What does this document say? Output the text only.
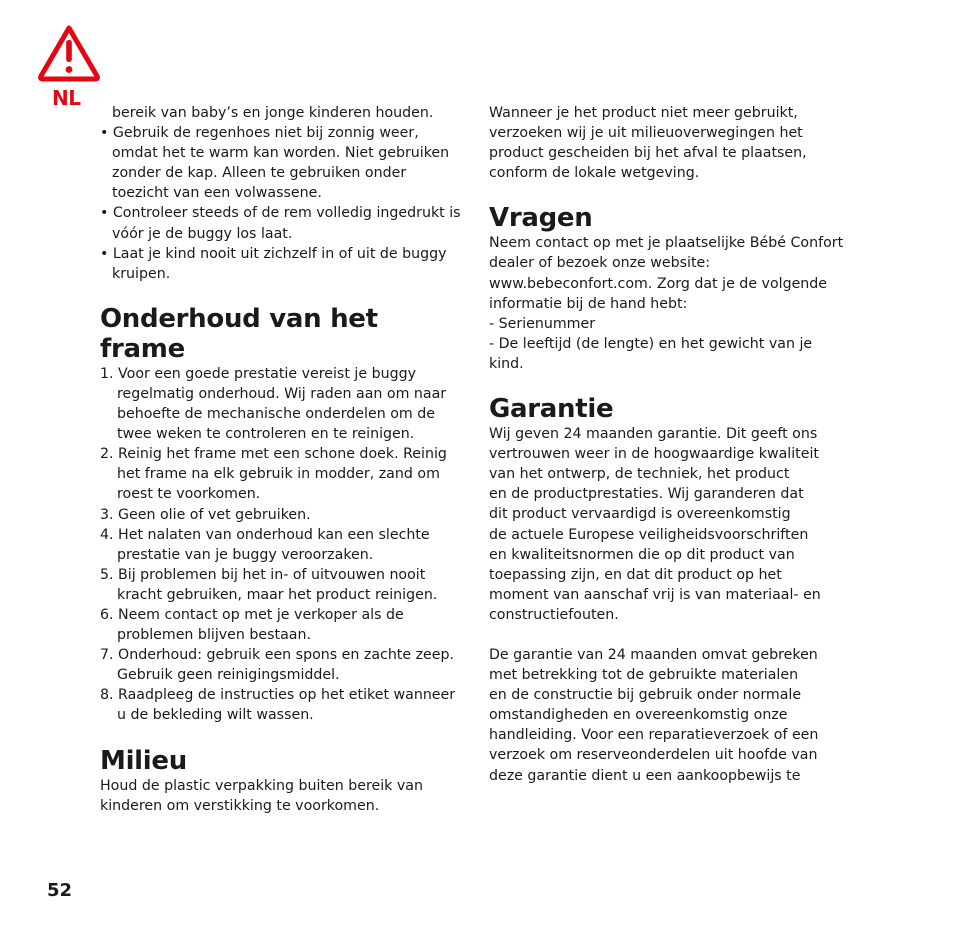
NL
bereik van baby’s en jonge kinderen houden.
• Gebruik de regenhoes niet bij zonnig weer,
omdat het te warm kan worden. Niet gebruiken
zonder de kap. Alleen te gebruiken onder
toezicht van een volwassene.
• Controleer steeds of de rem volledig ingedrukt is
vóór je de buggy los laat.
• Laat je kind nooit uit zichzelf in of uit de buggy
kruipen.
Onderhoud van het frame
1. Voor een goede prestatie vereist je buggy
regelmatig onderhoud. Wij raden aan om naar
behoefte de mechanische onderdelen om de
twee weken te controleren en te reinigen.
2. Reinig het frame met een schone doek. Reinig
het frame na elk gebruik in modder, zand om
roest te voorkomen.
3. Geen olie of vet gebruiken.
4. Het nalaten van onderhoud kan een slechte
prestatie van je buggy veroorzaken.
5. Bij problemen bij het in- of uitvouwen nooit
kracht gebruiken, maar het product reinigen.
6. Neem contact op met je verkoper als de
problemen blijven bestaan.
7. Onderhoud: gebruik een spons en zachte zeep.
Gebruik geen reinigingsmiddel.
8. Raadpleeg de instructies op het etiket wanneer
u de bekleding wilt wassen.
Milieu
Houd de plastic verpakking buiten bereik van
kinderen om verstikking te voorkomen.
Wanneer je het product niet meer gebruikt,
verzoeken wij je uit milieuoverwegingen het
product gescheiden bij het afval te plaatsen,
conform de lokale wetgeving.
Vragen
Neem contact op met je plaatselijke Bébé Confort
dealer of bezoek onze website:
www.bebeconfort.com. Zorg dat je de volgende
informatie bij de hand hebt:
- Serienummer
- De leeftijd (de lengte) en het gewicht van je
kind.
Garantie
Wij geven 24 maanden garantie. Dit geeft ons
vertrouwen weer in de hoogwaardige kwaliteit
van het ontwerp, de techniek, het product
en de productprestaties. Wij garanderen dat
dit product vervaardigd is overeenkomstig
de actuele Europese veiligheidsvoorschriften
en kwaliteitsnormen die op dit product van
toepassing zijn, en dat dit product op het
moment van aanschaf vrij is van materiaal- en
constructiefouten.
De garantie van 24 maanden omvat gebreken
met betrekking tot de gebruikte materialen
en de constructie bij gebruik onder normale
omstandigheden en overeenkomstig onze
handleiding. Voor een reparatieverzoek of een
verzoek om reserveonderdelen uit hoofde van
deze garantie dient u een aankoopbewijs te
52
